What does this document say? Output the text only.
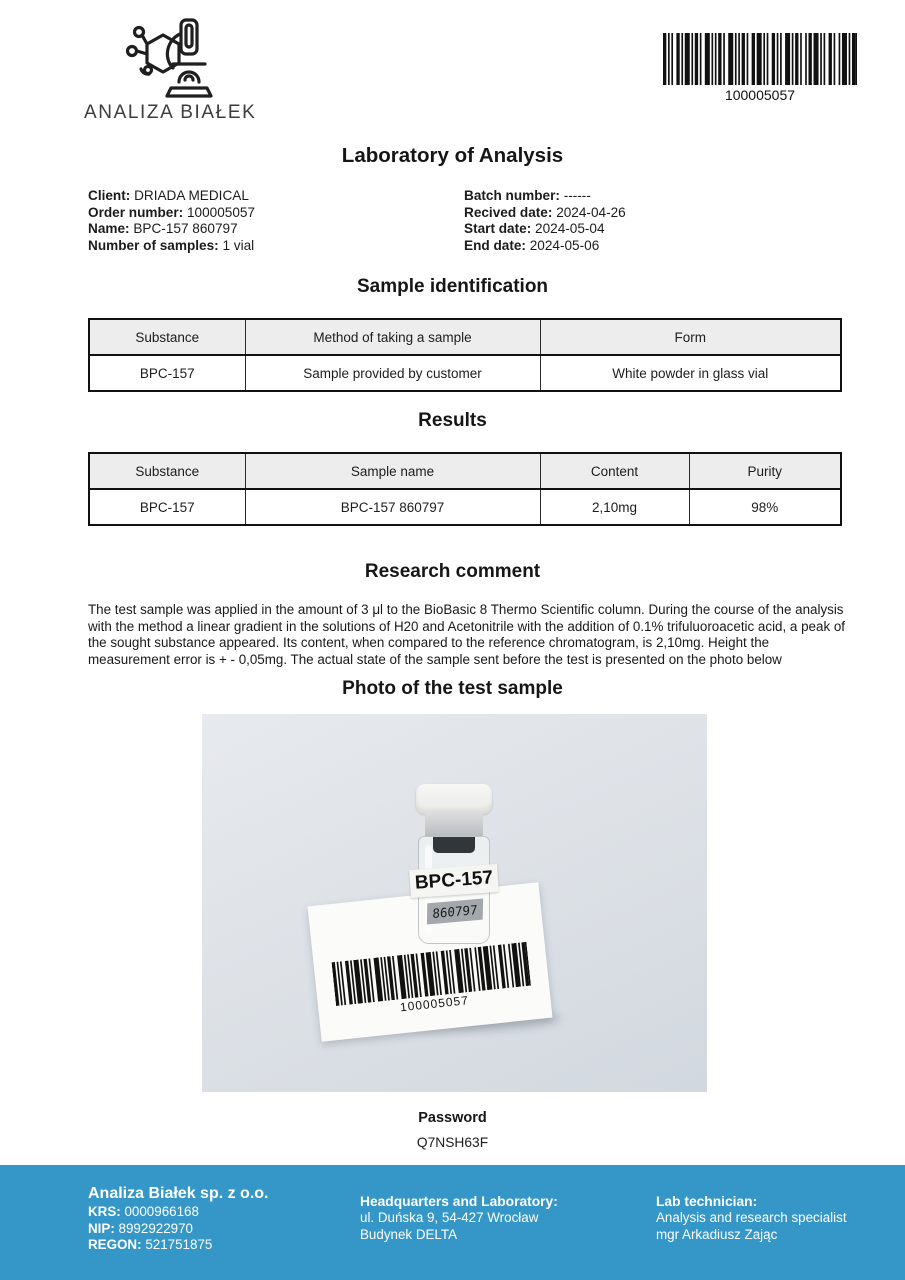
ANALIZA BIAŁEK
100005057
Laboratory of Analysis
Client: DRIADA MEDICAL
Order number: 100005057
Name: BPC-157 860797
Number of samples: 1 vial
Batch number: ------
Recived date: 2024-04-26
Start date: 2024-05-04
End date: 2024-05-06
Sample identification
Substance	Method of taking a sample	Form
BPC-157	Sample provided by customer	White powder in glass vial
Results
Substance	Sample name	Content	Purity
BPC-157	BPC-157 860797	2,10mg	98%
Research comment
The test sample was applied in the amount of 3 μl to the BioBasic 8 Thermo Scientific column. During the course of the analysis with the method a linear gradient in the solutions of H20 and Acetonitrile with the addition of 0.1% trifuluoroacetic acid, a peak of the sought substance appeared. Its content, when compared to the reference chromatogram, is 2,10mg. Height the measurement error is + - 0,05mg. The actual state of the sample sent before the test is presented on the photo below
Photo of the test sample
100005057
BPC-157
860797
Password
Q7NSH63F
Analiza Białek sp. z o.o.
KRS: 0000966168
NIP: 8992922970
REGON: 521751875
Headquarters and Laboratory:
ul. Duńska 9, 54-427 Wrocław
Budynek DELTA
Lab technician:
Analysis and research specialist
mgr Arkadiusz Zając
